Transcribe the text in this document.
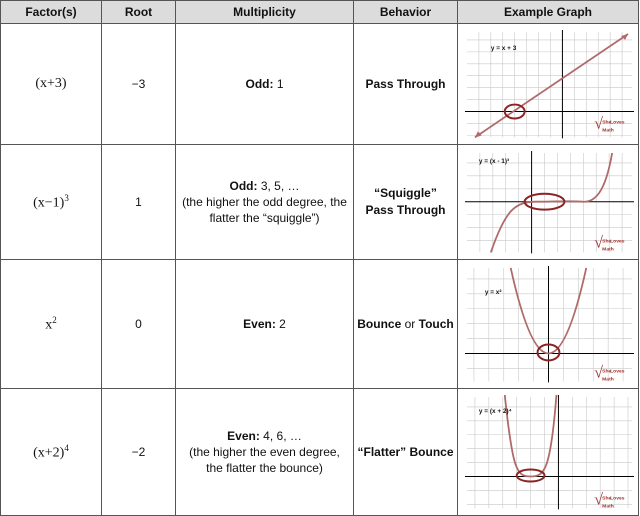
Factor(s)	Root	Multiplicity	Behavior	Example Graph
(x+3)	−3	Odd: 1	Pass Through	y = x + 3
√ She
Loves
Math

$(x-1)^3$	1	Odd: 3, 5, …
(the higher the odd degree, the
flatter the “squiggle”)	“Squiggle”
Pass Through	y = (x - 1)³
√ She
Loves
Math

$x^2$	0	Even: 2	Bounce or Touch	y = x²
√ She
Loves
Math

$(x+2)^4$	−2	Even: 4, 6, …
(the higher the even degree,
the flatter the bounce)	“Flatter” Bounce	y = (x + 2)⁴
√ She
Loves
Math
